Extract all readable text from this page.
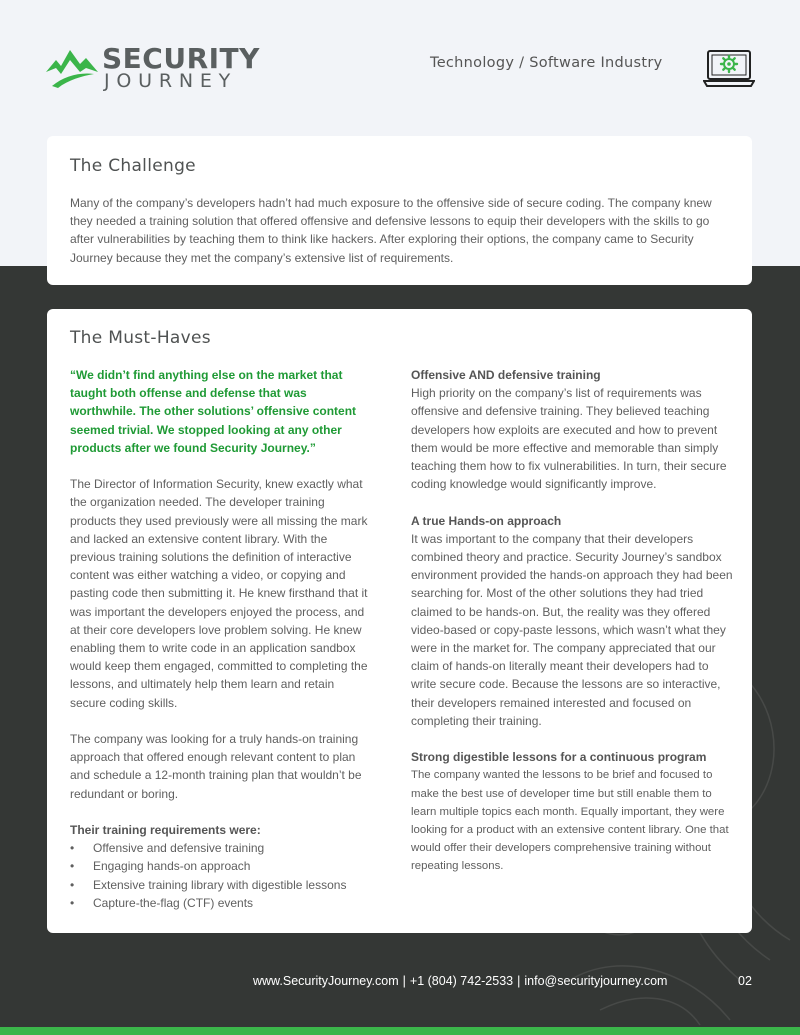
SECURITY
JOURNEY
Technology / Software Industry
The Challenge
Many of the company’s developers hadn’t had much exposure to the offensive side of secure coding. The company knew they needed a training solution that offered offensive and defensive lessons to equip their developers with the skills to go after vulnerabilities by teaching them to think like hackers. After exploring their options, the company came to Security Journey because they met the company’s extensive list of requirements.
The Must-Haves

“We didn’t find anything else on the market that taught both offense and defense that was worthwhile. The other solutions’ offensive content seemed trivial. We stopped looking at any other products after we found Security Journey.”

The Director of Information Security, knew exactly what the organization needed. The developer training products they used previously were all missing the mark and lacked an extensive content library. With the previous training solutions the definition of interactive content was either watching a video, or copying and pasting code then submitting it. He knew firsthand that it was important the developers enjoyed the process, and at their core developers love problem solving. He knew enabling them to write code in an application sandbox would keep them engaged, committed to completing the lessons, and ultimately help them learn and retain secure coding skills.

The company was looking for a truly hands-on training approach that offered enough relevant content to plan and schedule a 12-month training plan that wouldn’t be redundant or boring.

Their training requirements were:

• Offensive and defensive training
• Engaging hands-on approach
• Extensive training library with digestible lessons
• Capture-the-flag (CTF) events

Offensive AND defensive training

High priority on the company’s list of requirements was offensive and defensive training. They believed teaching developers how exploits are executed and how to prevent them would be more effective and memorable than simply teaching them how to fix vulnerabilities. In turn, their secure coding knowledge would significantly improve.

A true Hands-on approach

It was important to the company that their developers combined theory and practice. Security Journey’s sandbox environment provided the hands-on approach they had been searching for. Most of the other solutions they had tried claimed to be hands-on. But, the reality was they offered video-based or copy-paste lessons, which wasn’t what they were in the market for. The company appreciated that our claim of hands-on literally meant their developers had to write secure code. Because the lessons are so interactive, their developers remained interested and focused on completing their training.

Strong digestible lessons for a continuous program

The company wanted the lessons to be brief and focused to make the best use of developer time but still enable them to learn multiple topics each month. Equally important, they were looking for a product with an extensive content library. One that would offer their developers comprehensive training without repeating lessons.

www.SecurityJourney.com | +1 (804) 742-2533 | info@securityjourney.com	02
